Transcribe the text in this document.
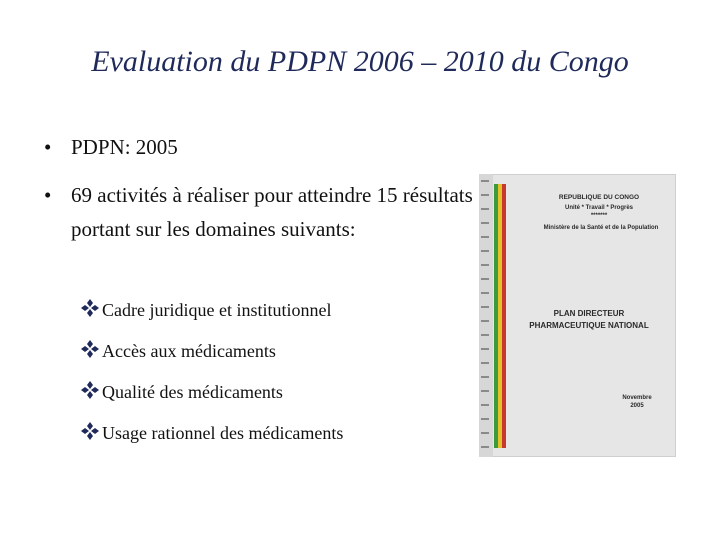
Evaluation du PDPN 2006 – 2010 du Congo
• PDPN: 2005
• 69 activités à réaliser pour atteindre 15 résultats portant sur les domaines suivants:
Cadre juridique et institutionnel
Accès aux médicaments
Qualité des médicaments
Usage rationnel des médicaments
REPUBLIQUE DU CONGO
Unité * Travail * Progrès
*******
Ministère de la Santé et de la Population
PLAN DIRECTEUR
PHARMACEUTIQUE NATIONAL
Novembre
2005
